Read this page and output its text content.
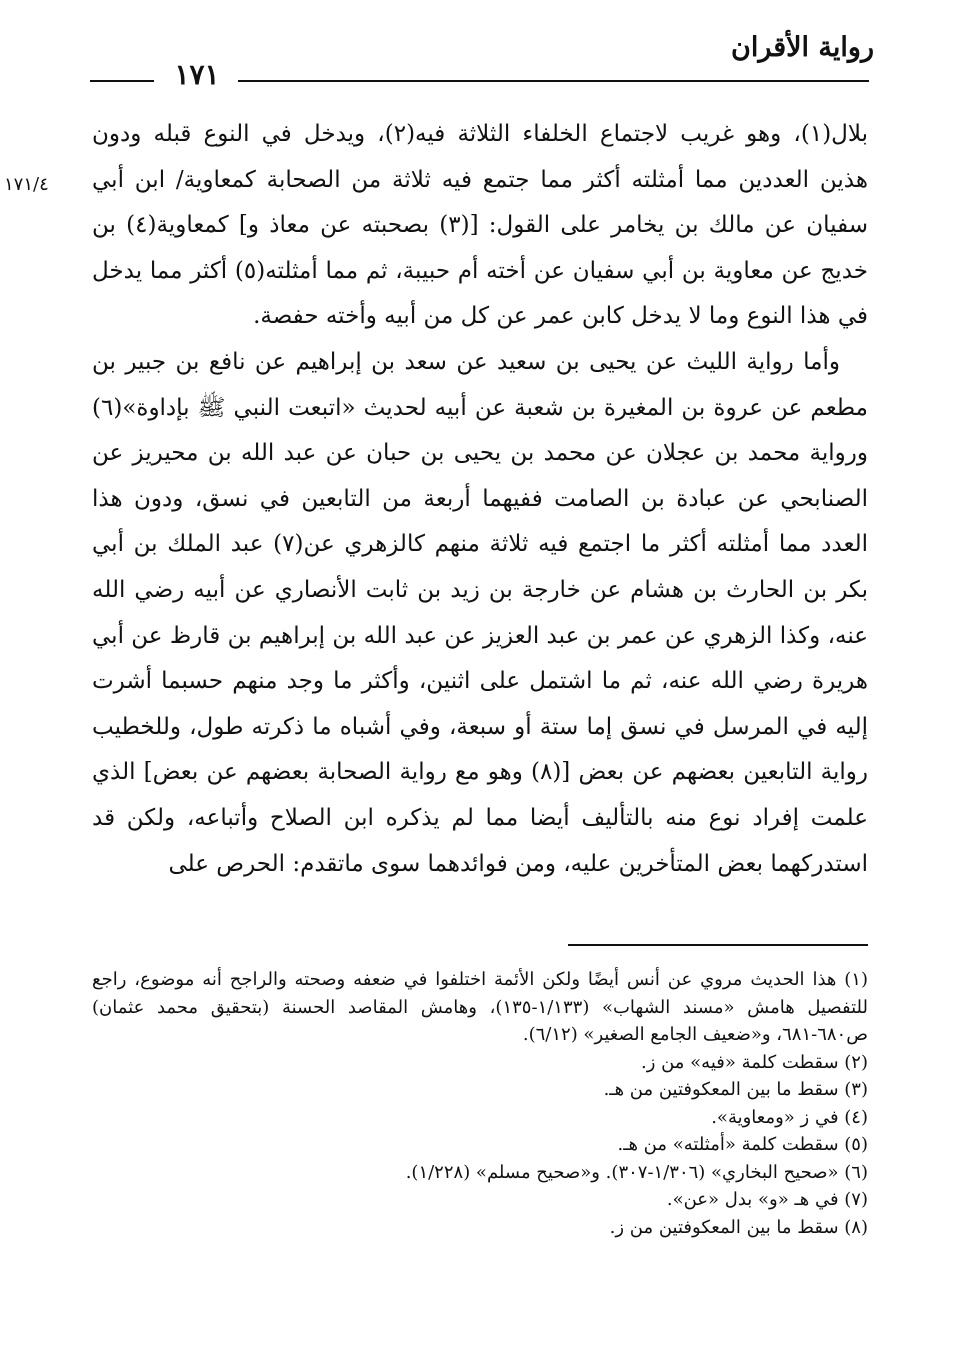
رواية الأقران
١٧١
١٧١/٤

بلال(١)، وهو غريب لاجتماع الخلفاء الثلاثة فيه(٢)، ويدخل في النوع قبله ودون هذين العددين مما أمثلته أكثر مما جتمع فيه ثلاثة من الصحابة كمعاوية/ ابن أبي سفيان عن مالك بن يخامر على القول: [(٣) بصحبته عن معاذ و] كمعاوية(٤) بن خديج عن معاوية بن أبي سفيان عن أخته أم حبيبة، ثم مما أمثلته(٥) أكثر مما يدخل في هذا النوع وما لا يدخل كابن عمر عن كل من أبيه وأخته حفصة.

وأما رواية الليث عن يحيى بن سعيد عن سعد بن إبراهيم عن نافع بن جبير بن مطعم عن عروة بن المغيرة بن شعبة عن أبيه لحديث «اتبعت النبي ﷺ بإداوة»(٦) ورواية محمد بن عجلان عن محمد بن يحيى بن حبان عن عبد الله بن محيريز عن الصنابحي عن عبادة بن الصامت ففيهما أربعة من التابعين في نسق، ودون هذا العدد مما أمثلته أكثر ما اجتمع فيه ثلاثة منهم كالزهري عن(٧) عبد الملك بن أبي بكر بن الحارث بن هشام عن خارجة بن زيد بن ثابت الأنصاري عن أبيه رضي الله عنه، وكذا الزهري عن عمر بن عبد العزيز عن عبد الله بن إبراهيم بن قارظ عن أبي هريرة رضي الله عنه، ثم ما اشتمل على اثنين، وأكثر ما وجد منهم حسبما أشرت إليه في المرسل في نسق إما ستة أو سبعة، وفي أشباه ما ذكرته طول، وللخطيب رواية التابعين بعضهم عن بعض [(٨) وهو مع رواية الصحابة بعضهم عن بعض] الذي علمت إفراد نوع منه بالتأليف أيضا مما لم يذكره ابن الصلاح وأتباعه، ولكن قد استدركهما بعض المتأخرين عليه، ومن فوائدهما سوى ماتقدم: الحرص على

(١) هذا الحديث مروي عن أنس أيضًا ولكن الأئمة اختلفوا في ضعفه وصحته والراجح أنه موضوع، راجع للتفصيل هامش «مسند الشهاب» (١/١٣٣-١٣٥)، وهامش المقاصد الحسنة (بتحقيق محمد عثمان) ص٦٨٠-٦٨١، و«ضعيف الجامع الصغير» (٦/١٢).

(٢) سقطت كلمة «فيه» من ز.

(٣) سقط ما بين المعكوفتين من هـ.

(٤) في ز «ومعاوية».

(٥) سقطت كلمة «أمثلته» من هـ.

(٦) «صحيح البخاري» (١/٣٠٦-٣٠٧). و«صحيح مسلم» (١/٢٢٨).

(٧) في هـ «و» بدل «عن».

(٨) سقط ما بين المعكوفتين من ز.
